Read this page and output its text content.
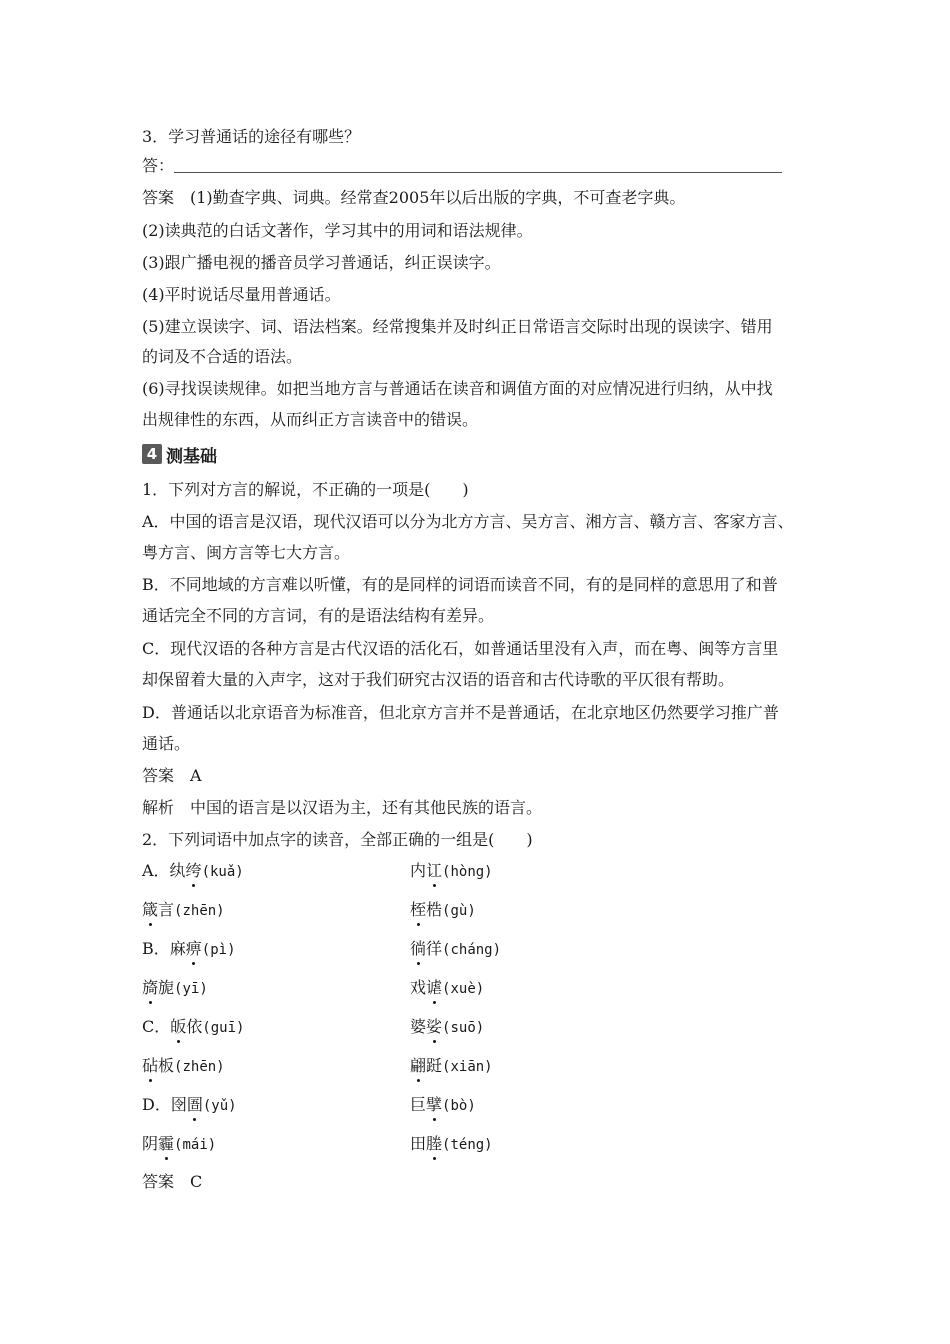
3．学习普通话的途径有哪些？
答：
答案　(1)勤查字典、词典。经常查2005年以后出版的字典，不可查老字典。
(2)读典范的白话文著作，学习其中的用词和语法规律。
(3)跟广播电视的播音员学习普通话，纠正误读字。
(4)平时说话尽量用普通话。
(5)建立误读字、词、语法档案。经常搜集并及时纠正日常语言交际时出现的误读字、错用
的词及不合适的语法。
(6)寻找误读规律。如把当地方言与普通话在读音和调值方面的对应情况进行归纳，从中找
出规律性的东西，从而纠正方言读音中的错误。
4 测基础
1．下列对方言的解说，不正确的一项是(　　)
A．中国的语言是汉语，现代汉语可以分为北方方言、吴方言、湘方言、赣方言、客家方言、
粤方言、闽方言等七大方言。
B．不同地域的方言难以听懂，有的是同样的词语而读音不同，有的是同样的意思用了和普
通话完全不同的方言词，有的是语法结构有差异。
C．现代汉语的各种方言是古代汉语的活化石，如普通话里没有入声，而在粤、闽等方言里
却保留着大量的入声字，这对于我们研究古汉语的语音和古代诗歌的平仄很有帮助。
D．普通话以北京语音为标准音，但北京方言并不是普通话，在北京地区仍然要学习推广普
通话。
答案　A
解析　中国的语言是以汉语为主，还有其他民族的语言。
2．下列词语中加点字的读音，全部正确的一组是(　　)
A．纨绔(kuǎ)	内讧(hòng)
箴言(zhēn)	桎梏(gù)
B．麻痹(pì)	徜徉(cháng)
旖旎(yī)	戏谑(xuè)
C．皈依(guī)	婆娑(suō)
砧板(zhēn)	翩跹(xiān)
D．囹圄(yǔ)	巨擘(bò)
阴霾(mái)	田塍(téng)
答案　C
